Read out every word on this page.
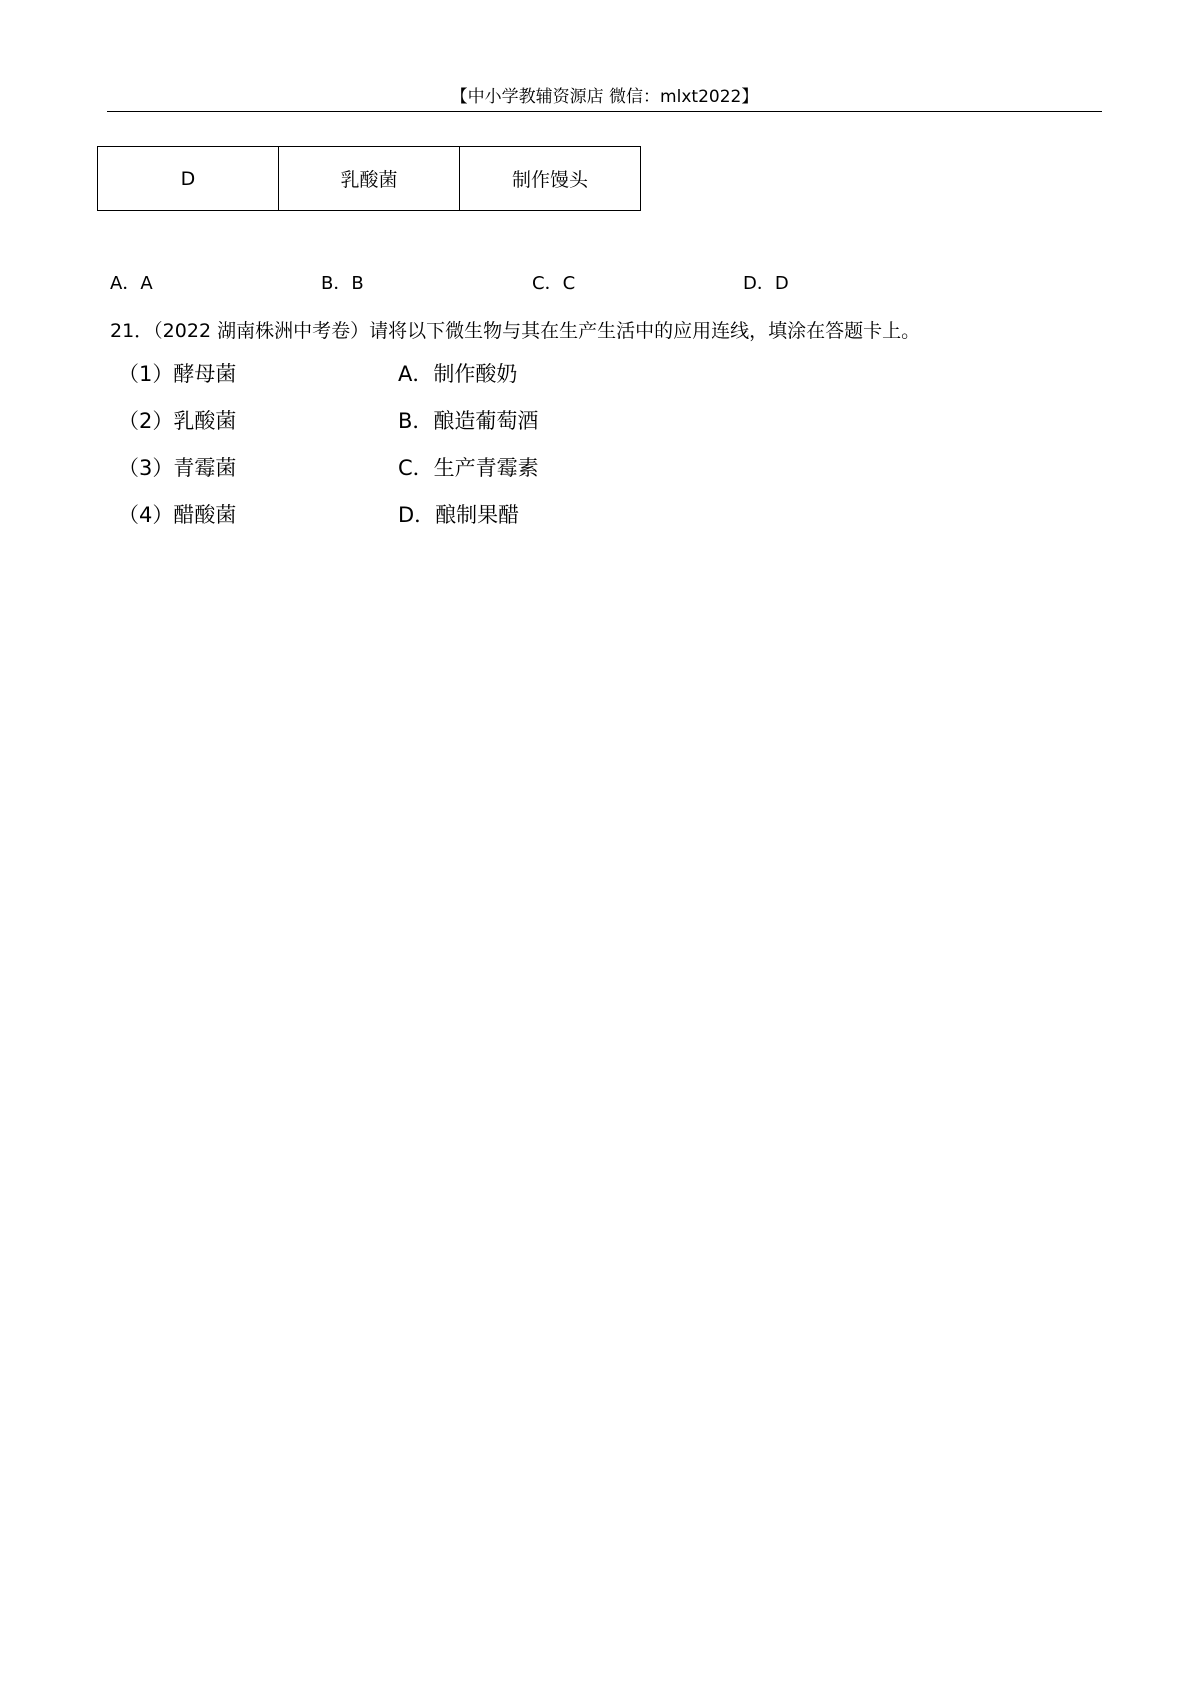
【中小学教辅资源店 微信：mlxt2022】
D	乳酸菌	制作馒头
A．A	B．B	C．C	D．D
21．（2022 湖南株洲中考卷）请将以下微生物与其在生产生活中的应用连线，填涂在答题卡上。
（1）酵母菌	A．制作酸奶
（2）乳酸菌	B．酿造葡萄酒
（3）青霉菌	C．生产青霉素
（4）醋酸菌	D．酿制果醋
